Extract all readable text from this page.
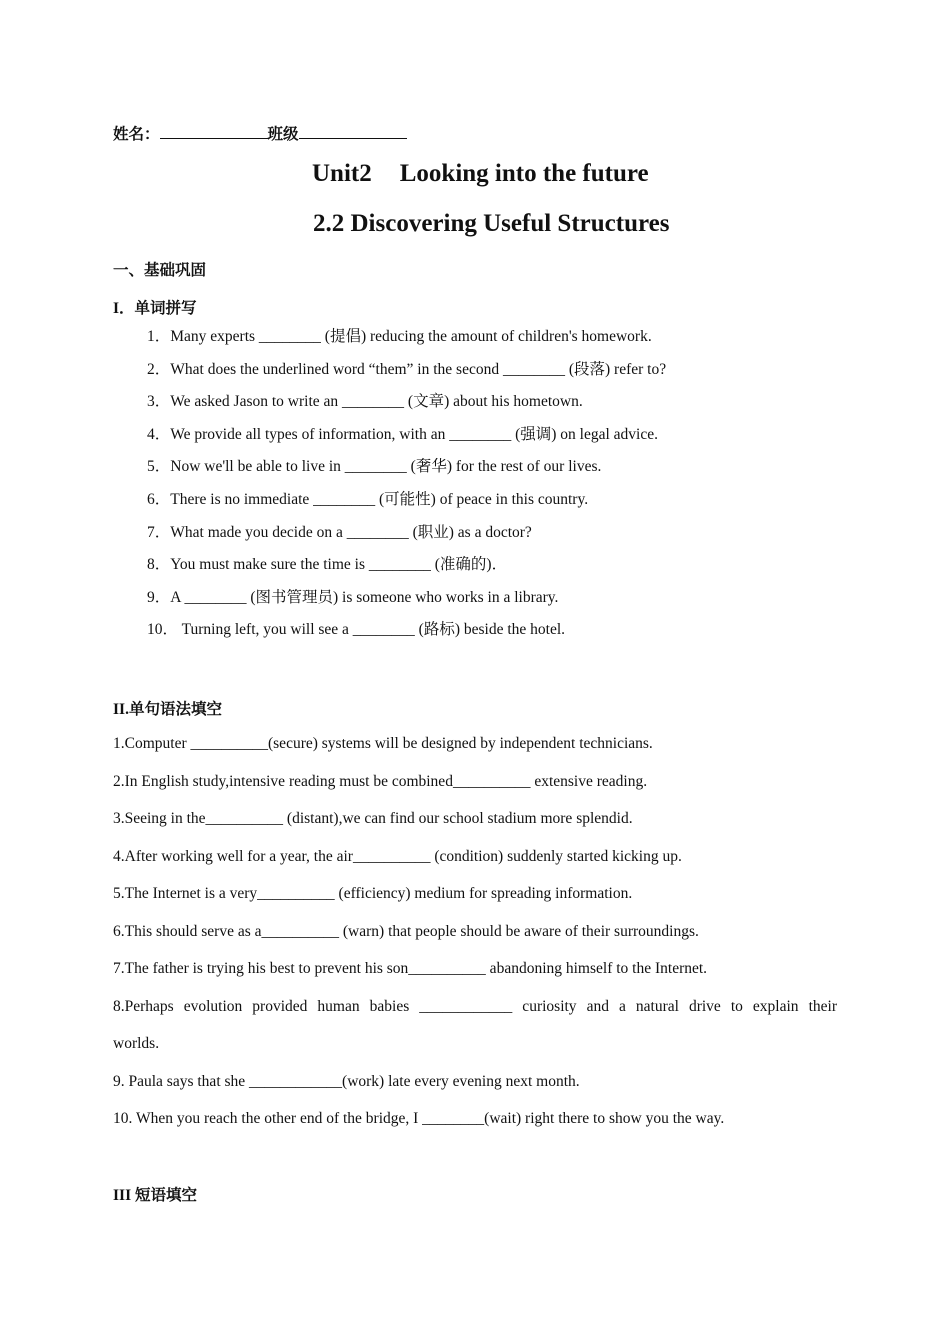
姓名：	班级
Unit2 Looking into the future
2.2 Discovering Useful Structures
一、基础巩固
I．单词拼写
1．Many experts ________ (提倡) reducing the amount of children's homework.
2．What does the underlined word “them” in the second ________ (段落) refer to?
3．We asked Jason to write an ________ (文章) about his hometown.
4．We provide all types of information, with an ________ (强调) on legal advice.
5．Now we'll be able to live in ________ (奢华) for the rest of our lives.
6．There is no immediate ________ (可能性) of peace in this country.
7．What made you decide on a ________ (职业) as a doctor?
8．You must make sure the time is ________ (准确的)．
9．A ________ (图书管理员) is someone who works in a library.
10． Turning left, you will see a ________ (路标) beside the hotel.
II.单句语法填空
1.Computer __________(secure) systems will be designed by independent technicians.
2.In English study,intensive reading must be combined__________ extensive reading.
3.Seeing in the__________ (distant),we can find our school stadium more splendid.
4.After working well for a year, the air__________ (condition) suddenly started kicking up.
5.The Internet is a very__________ (efficiency) medium for spreading information.
6.This should serve as a__________ (warn) that people should be aware of their surroundings.
7.The father is trying his best to prevent his son__________ abandoning himself to the Internet.
8.Perhaps evolution provided human babies ____________ curiosity and a natural drive to explain their
worlds.
9. Paula says that she ____________(work) late every evening next month.
10. When you reach the other end of the bridge, I ________(wait) right there to show you the way.
III 短语填空
